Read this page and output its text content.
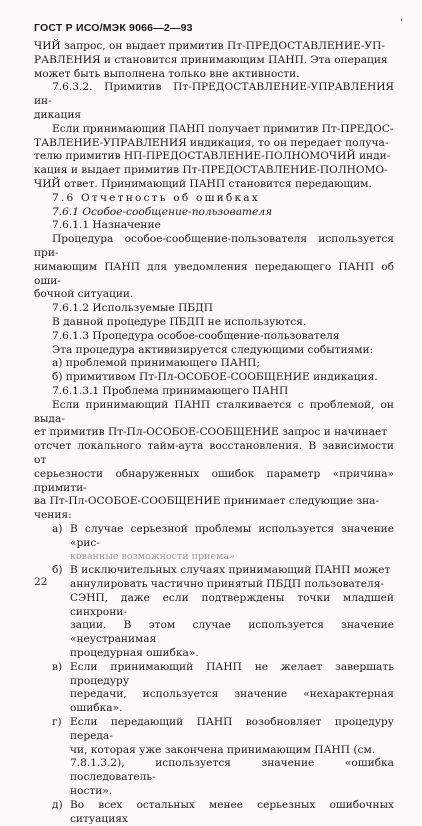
ГОСТ Р ИСО/МЭК 9066—2—93	'

ЧИЙ запрос, он выдает примитив Пт-ПРЕДОСТАВЛЕНИЕ-УП-

РАВЛЕНИЯ и становится принимающим ПАНП. Эта операция

может быть выполнена только вне активности.

7.6.3.2. Примитив Пт-ПРЕДОСТАВЛЕНИЕ-УПРАВЛЕНИЯ ин-

дикация

Если принимающий ПАНП получает примитив Пт-ПРЕДОС-

ТАВЛЕНИЕ-УПРАВЛЕНИЯ индикация, то он передает получа-

телю примитив НП-ПРЕДОСТАВЛЕНИЕ-ПОЛНОМОЧИЙ инди-

кация и выдает примитив Пт-ПРЕДОСТАВЛЕНИЕ-ПОЛНОМО-

ЧИЙ ответ. Принимающий ПАНП становится передающим.

7.6 Отчетность об ошибках

7.6.1 Особое-сообщение-пользователя

7.6.1.1 Назначение

Процедура особое-сообщение-пользователя используется при-

нимающим ПАНП для уведомления передающего ПАНП об оши-

бочной ситуации.

7.6.1.2 Используемые ПБДП

В данной процедуре ПБДП не используются.

7.6.1.3 Процедура особое-сообщение-пользователя

Эта процедура активизируется следующими событиями:

а) проблемой принимающего ПАНП;

б) примитивом Пт-Пл-ОСОБОЕ-СООБЩЕНИЕ индикация.

7.6.1.3.1 Проблема принимающего ПАНП

Если принимающий ПАНП сталкивается с проблемой, он выда-

ет примитив Пт-Пл-ОСОБОЕ-СООБЩЕНИЕ запрос и начинает

отсчет локального тайм-аута восстановления. В зависимости от

серьезности обнаруженных ошибок параметр «причина» примити-

ва Пт-Пл-ОСОБОЕ-СООБЩЕНИЕ принимает следующие зна-

чения:

а) В случае серьезной проблемы используется значение «рис-

кованные возможности приема»

б) В исключительных случаях принимающий ПАНП может

аннулировать частично принятый ПБДП пользователя-

СЭНП, даже если подтверждены точки младшей синхрони-

зации. В этом случае используется значение «неустранимая

процедурная ошибка».

в) Если принимающий ПАНП не желает завершать процедуру

передачи, используется значение «нехарактерная ошибка».

г) Если передающий ПАНП возобновляет процедуру переда-

чи, которая уже закончена принимающим ПАНП (см.

7.8.1.3.2), используется значение «ошибка последователь-

ности».

д) Во всех остальных менее серьезных ошибочных ситуациях

22
